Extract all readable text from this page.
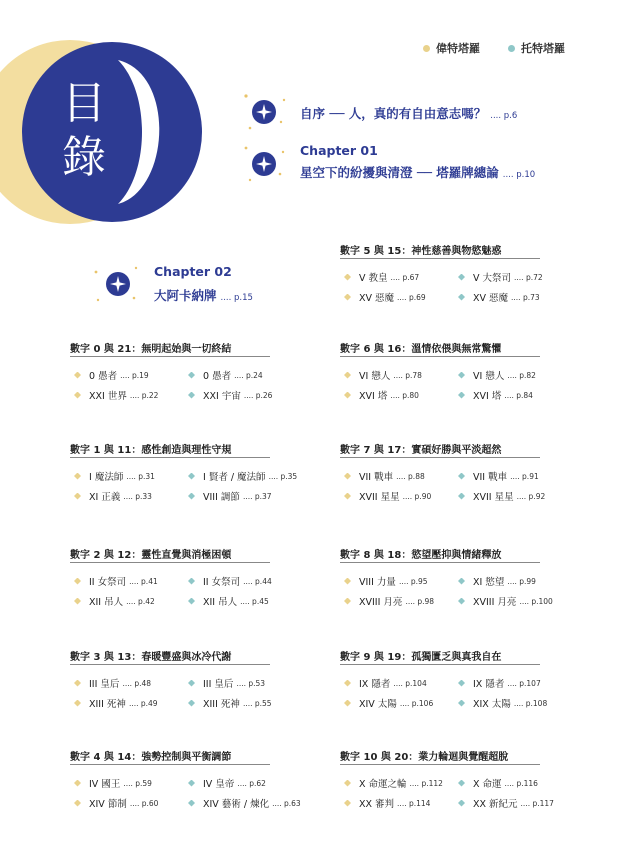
目
錄
偉特塔羅	托特塔羅
自序 ── 人，真的有自由意志嗎？ .... p.6
Chapter 01
星空下的紛擾與清澄 ── 塔羅牌總論 .... p.10
Chapter 02
大阿卡納牌 .... p.15
數字 0 與 21：無明起始與一切終結
0 愚者 .... p.19	0 愚者 .... p.24
XXI 世界 .... p.22	XXI 宇宙 .... p.26
數字 1 與 11：感性創造與理性守規
I 魔法師 .... p.31	I 賢者 / 魔法師 .... p.35
XI 正義 .... p.33	VIII 調節 .... p.37
數字 2 與 12：靈性直覺與消極困頓
II 女祭司 .... p.41	II 女祭司 .... p.44
XII 吊人 .... p.42	XII 吊人 .... p.45
數字 3 與 13：春暖豐盛與冰冷代謝
III 皇后 .... p.48	III 皇后 .... p.53
XIII 死神 .... p.49	XIII 死神 .... p.55
數字 4 與 14：強勢控制與平衡調節
IV 國王 .... p.59	IV 皇帝 .... p.62
XIV 節制 .... p.60	XIV 藝術 / 煉化 .... p.63
數字 5 與 15：神性慈善與物慾魅惑
V 教皇 .... p.67	V 大祭司 .... p.72
XV 惡魔 .... p.69	XV 惡魔 .... p.73
數字 6 與 16：溫情依偎與無常驚懼
VI 戀人 .... p.78	VI 戀人 .... p.82
XVI 塔 .... p.80	XVI 塔 .... p.84
數字 7 與 17：實碩好勝與平淡超然
VII 戰車 .... p.88	VII 戰車 .... p.91
XVII 星星 .... p.90	XVII 星星 .... p.92
數字 8 與 18：慾望壓抑與情緒釋放
VIII 力量 .... p.95	XI 慾望 .... p.99
XVIII 月亮 .... p.98	XVIII 月亮 .... p.100
數字 9 與 19：孤獨匱乏與真我自在
IX 隱者 .... p.104	IX 隱者 .... p.107
XIV 太陽 .... p.106	XIX 太陽 .... p.108
數字 10 與 20：業力輪迴與覺醒超脫
X 命運之輪 .... p.112	X 命運 .... p.116
XX 審判 .... p.114	XX 新紀元 .... p.117
